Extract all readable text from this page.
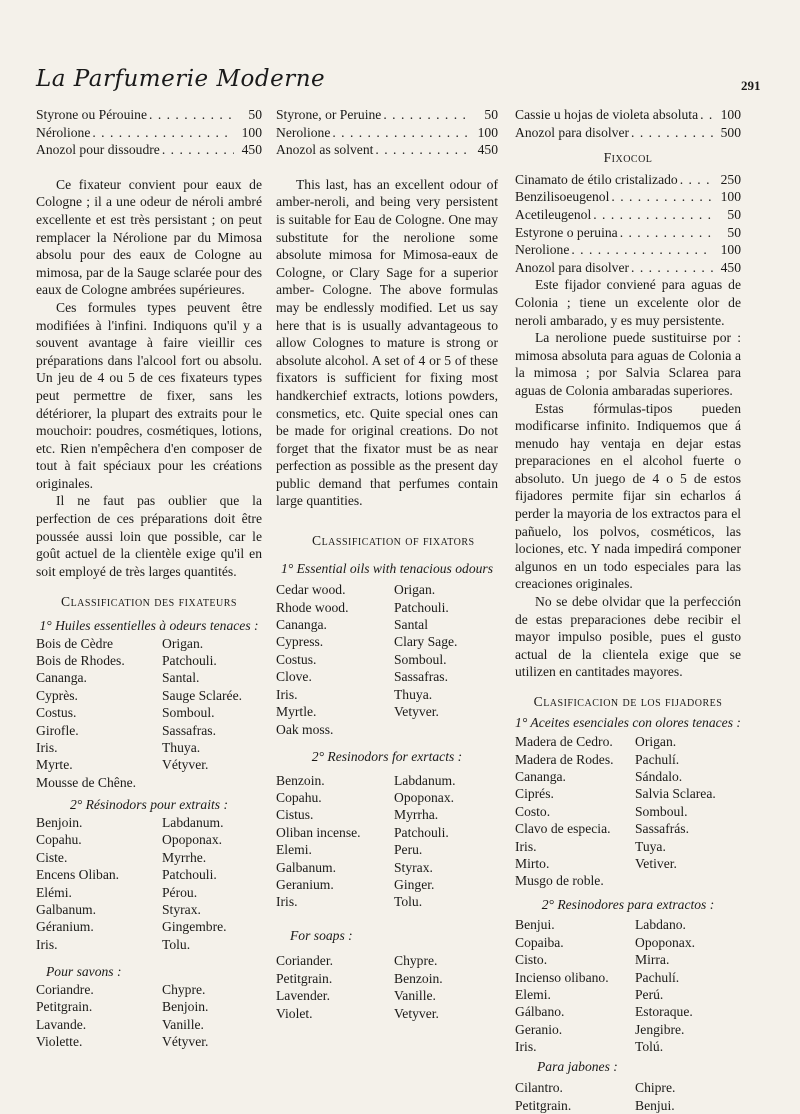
La Parfumerie Moderne	291
Styrone ou Pérouine . . .	50
Nérolione . . .	100
Anozol pour dissoudre . . .	450

Ce fixateur convient pour eaux de Cologne ; il a une odeur de néroli ambré excellente et est très persistant ; on peut remplacer la Nérolione par du Mimosa absolu pour des eaux de Cologne au mimosa, par de la Sauge sclarée pour des eaux de Cologne ambrées supérieures.

Ces formules types peuvent être modifiées à l'infini. Indiquons qu'il y a souvent avantage à faire vieillir ces préparations dans l'alcool fort ou absolu. Un jeu de 4 ou 5 de ces fixateurs types peut permettre de fixer, sans les détériorer, la plupart des extraits pour le mouchoir: poudres, cosmétiques, lotions, etc. Rien n'empêchera d'en composer de tout à fait spéciaux pour les créations originales.

Il ne faut pas oublier que la perfection de ces préparations doit être poussée aussi loin que possible, car le goût actuel de la clientèle exige qu'il en soit employé de très larges quantités.

Classification des fixateurs
1° Huiles essentielles à odeurs tenaces :
Bois de Cèdre	Origan.
Bois de Rhodes.	Patchouli.
Cananga.	Santal.
Cyprès.	Sauge Sclarée.
Costus.	Somboul.
Girofle.	Sassafras.
Iris.	Thuya.
Myrte.	Vétyver.
Mousse de Chêne.
2° Résinodors pour extraits :
Benjoin.	Labdanum.
Copahu.	Opoponax.
Ciste.	Myrrhe.
Encens Oliban.	Patchouli.
Elémi.	Pérou.
Galbanum.	Styrax.
Géranium.	Gingembre.
Iris.	Tolu.
Pour savons :
Coriandre.	Chypre.
Petitgrain.	Benjoin.
Lavande.	Vanille.
Violette.	Vétyver.
Styrone, or Peruine . . .	50
Nerolione . . .	100
Anozol as solvent . . .	450

This last, has an excellent odour of amber-neroli, and being very persistent is suitable for Eau de Cologne. One may substitute for the nerolione some absolute mimosa for Mimosa-eaux de Cologne, or Clary Sage for a superior amber- Cologne. The above formulas may be endlessly modified. Let us say here that is is usually advantageous to allow Colognes to mature is strong or absolute alcohol. A set of 4 or 5 of these fixators is sufficient for fixing most handkerchief extracts, lotions powders, consmetics, etc. Quite special ones can be made for original creations. Do not forget that the fixator must be as near perfection as possible as the present day public demand that perfumes contain large quantities.

Classification of fixators
1° Essential oils with tenacious odours
Cedar wood.	Origan.
Rhode wood.	Patchouli.
Cananga.	Santal
Cypress.	Clary Sage.
Costus.	Somboul.
Clove.	Sassafras.
Iris.	Thuya.
Myrtle.	Vetyver.
Oak moss.
2° Resinodors for exrtacts :
Benzoin.	Labdanum.
Copahu.	Opoponax.
Cistus.	Myrrha.
Oliban incense.	Patchouli.
Elemi.	Peru.
Galbanum.	Styrax.
Geranium.	Ginger.
Iris.	Tolu.
For soaps :
Coriander.	Chypre.
Petitgrain.	Benzoin.
Lavender.	Vanille.
Violet.	Vetyver.
Cassie u hojas de violeta absoluta . . .	100
Anozol para disolver . . .	500
Fixocol
Cinamato de étilo cristalizado . . .	250
Benzilisoeugenol . . .	100
Acetileugenol . . .	50
Estyrone o peruina . . .	50
Nerolione . . .	100
Anozol para disolver . . .	450

Este fijador conviené para aguas de Colonia ; tiene un excelente olor de neroli ambarado, y es muy persistente.

La nerolione puede sustituirse por : mimosa absoluta para aguas de Colonia a la mimosa ; por Salvia Sclarea para aguas de Colonia ambaradas superiores.

Estas fórmulas-tipos pueden modificarse infinito. Indiquemos que á menudo hay ventaja en dejar estas preparaciones en el alcohol fuerte o absoluto. Un juego de 4 o 5 de estos fijadores permite fijar sin echarlos á perder la mayoria de los extractos para el pañuelo, los polvos, cosméticos, las lociones, etc. Y nada impedirá componer algunos en un todo especiales para las creaciones originales.

No se debe olvidar que la perfección de estas preparaciones debe recibir el mayor impulso posible, pues el gusto actual de la clientela exige que se utilizen en cantitades mayores.

Clasificacion de los fijadores
1° Aceites esenciales con olores tenaces :
Madera de Cedro.	Origan.
Madera de Rodes.	Pachulí.
Cananga.	Sándalo.
Ciprés.	Salvia Sclarea.
Costo.	Somboul.
Clavo de especia.	Sassafrás.
Iris.	Tuya.
Mirto.	Vetiver.
Musgo de roble.
2° Resinodores para extractos :
Benjui.	Labdano.
Copaiba.	Opoponax.
Cisto.	Mirra.
Incienso olibano.	Pachulí.
Elemi.	Perú.
Gálbano.	Estoraque.
Geranio.	Jengibre.
Iris.	Tolú.
Para jabones :
Cilantro.	Chipre.
Petitgrain.	Benjui.
